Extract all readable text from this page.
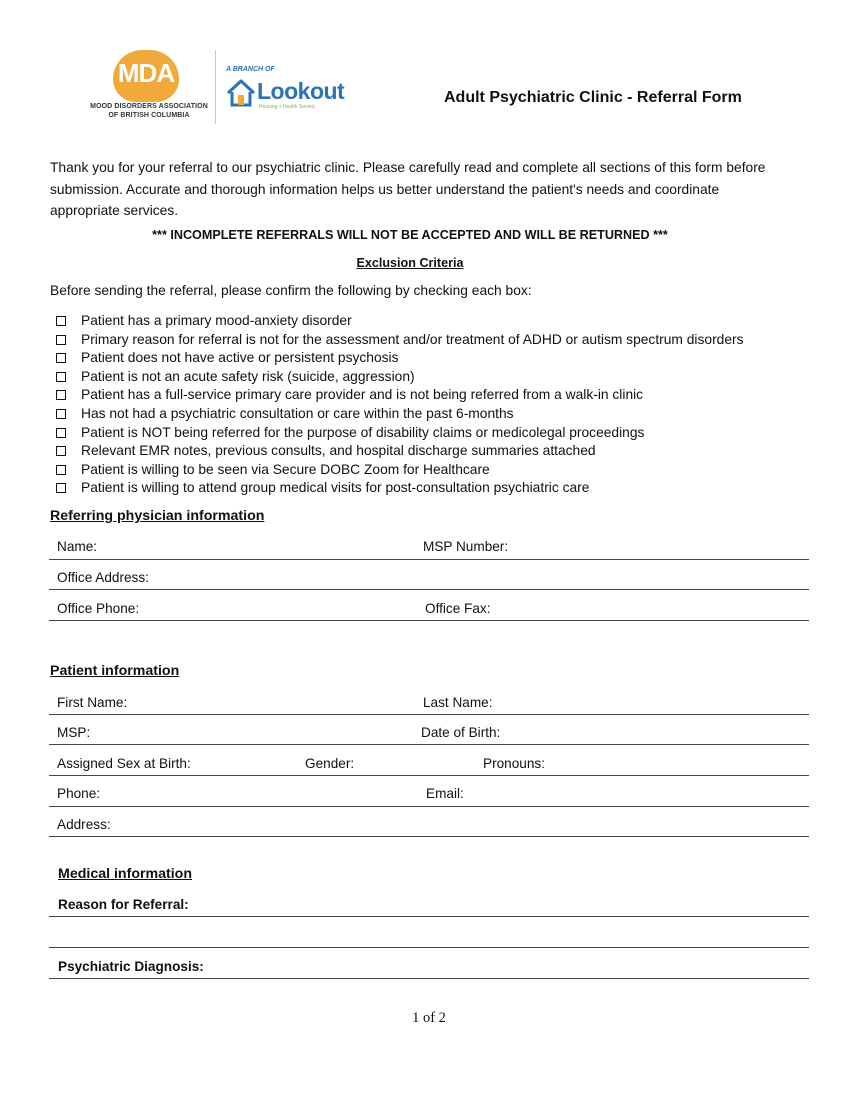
MDA
MOOD DISORDERS ASSOCIATION
OF BRITISH COLUMBIA
A BRANCH OF
Lookout
Housing + Health Society
Adult Psychiatric Clinic - Referral Form
Thank you for your referral to our psychiatric clinic. Please carefully read and complete all sections of this form before submission. Accurate and thorough information helps us better understand the patient's needs and coordinate appropriate services.
*** INCOMPLETE REFERRALS WILL NOT BE ACCEPTED AND WILL BE RETURNED ***
Exclusion Criteria
Before sending the referral, please confirm the following by checking each box:
Patient has a primary mood-anxiety disorder
Primary reason for referral is not for the assessment and/or treatment of ADHD or autism spectrum disorders
Patient does not have active or persistent psychosis
Patient is not an acute safety risk (suicide, aggression)
Patient has a full-service primary care provider and is not being referred from a walk-in clinic
Has not had a psychiatric consultation or care within the past 6-months
Patient is NOT being referred for the purpose of disability claims or medicolegal proceedings
Relevant EMR notes, previous consults, and hospital discharge summaries attached
Patient is willing to be seen via Secure DOBC Zoom for Healthcare
Patient is willing to attend group medical visits for post-consultation psychiatric care
Referring physician information
Name:	MSP Number:
Office Address:
Office Phone:	Office Fax:
Patient information
First Name:	Last Name:
MSP:	Date of Birth:
Assigned Sex at Birth:	Gender:	Pronouns:
Phone:	Email:
Address:
Medical information
Reason for Referral:
Psychiatric Diagnosis:
1 of 2
